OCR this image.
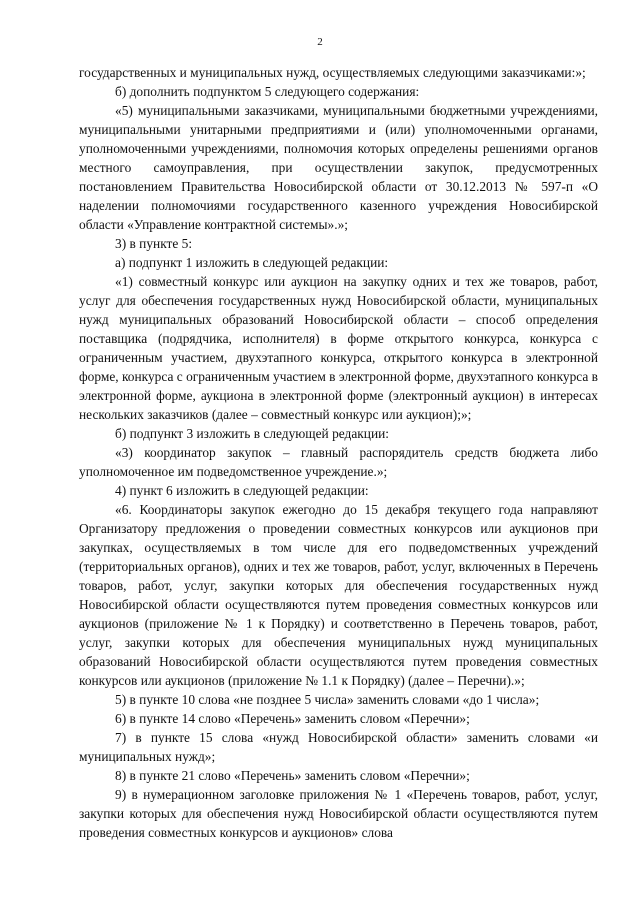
2

государственных и муниципальных нужд, осуществляемых следующими заказчиками:»;

б) дополнить подпунктом 5 следующего содержания:

«5) муниципальными заказчиками, муниципальными бюджетными учреждениями, муниципальными унитарными предприятиями и (или) уполномоченными органами, уполномоченными учреждениями, полномочия которых определены решениями органов местного самоуправления, при осуществлении закупок, предусмотренных постановлением Правительства Новосибирской области от 30.12.2013 № 597-п «О наделении полномочиями государственного казенного учреждения Новосибирской области «Управление контрактной системы».»;

3) в пункте 5:

а) подпункт 1 изложить в следующей редакции:

«1) совместный конкурс или аукцион на закупку одних и тех же товаров, работ, услуг для обеспечения государственных нужд Новосибирской области, муниципальных нужд муниципальных образований Новосибирской области – способ определения поставщика (подрядчика, исполнителя) в форме открытого конкурса, конкурса с ограниченным участием, двухэтапного конкурса, открытого конкурса в электронной форме, конкурса с ограниченным участием в электронной форме, двухэтапного конкурса в электронной форме, аукциона в электронной форме (электронный аукцион) в интересах нескольких заказчиков (далее – совместный конкурс или аукцион);»;

б) подпункт 3 изложить в следующей редакции:

«3) координатор закупок – главный распорядитель средств бюджета либо уполномоченное им подведомственное учреждение.»;

4) пункт 6 изложить в следующей редакции:

«6. Координаторы закупок ежегодно до 15 декабря текущего года направляют Организатору предложения о проведении совместных конкурсов или аукционов при закупках, осуществляемых в том числе для его подведомственных учреждений (территориальных органов), одних и тех же товаров, работ, услуг, включенных в Перечень товаров, работ, услуг, закупки которых для обеспечения государственных нужд Новосибирской области осуществляются путем проведения совместных конкурсов или аукционов (приложение № 1 к Порядку) и соответственно в Перечень товаров, работ, услуг, закупки которых для обеспечения муниципальных нужд муниципальных образований Новосибирской области осуществляются путем проведения совместных конкурсов или аукционов (приложение № 1.1 к Порядку) (далее – Перечни).»;

5) в пункте 10 слова «не позднее 5 числа» заменить словами «до 1 числа»;

6) в пункте 14 слово «Перечень» заменить словом «Перечни»;

7) в пункте 15 слова «нужд Новосибирской области» заменить словами «и муниципальных нужд»;

8) в пункте 21 слово «Перечень» заменить словом «Перечни»;

9) в нумерационном заголовке приложения № 1 «Перечень товаров, работ, услуг, закупки которых для обеспечения нужд Новосибирской области осуществляются путем проведения совместных конкурсов и аукционов» слова
